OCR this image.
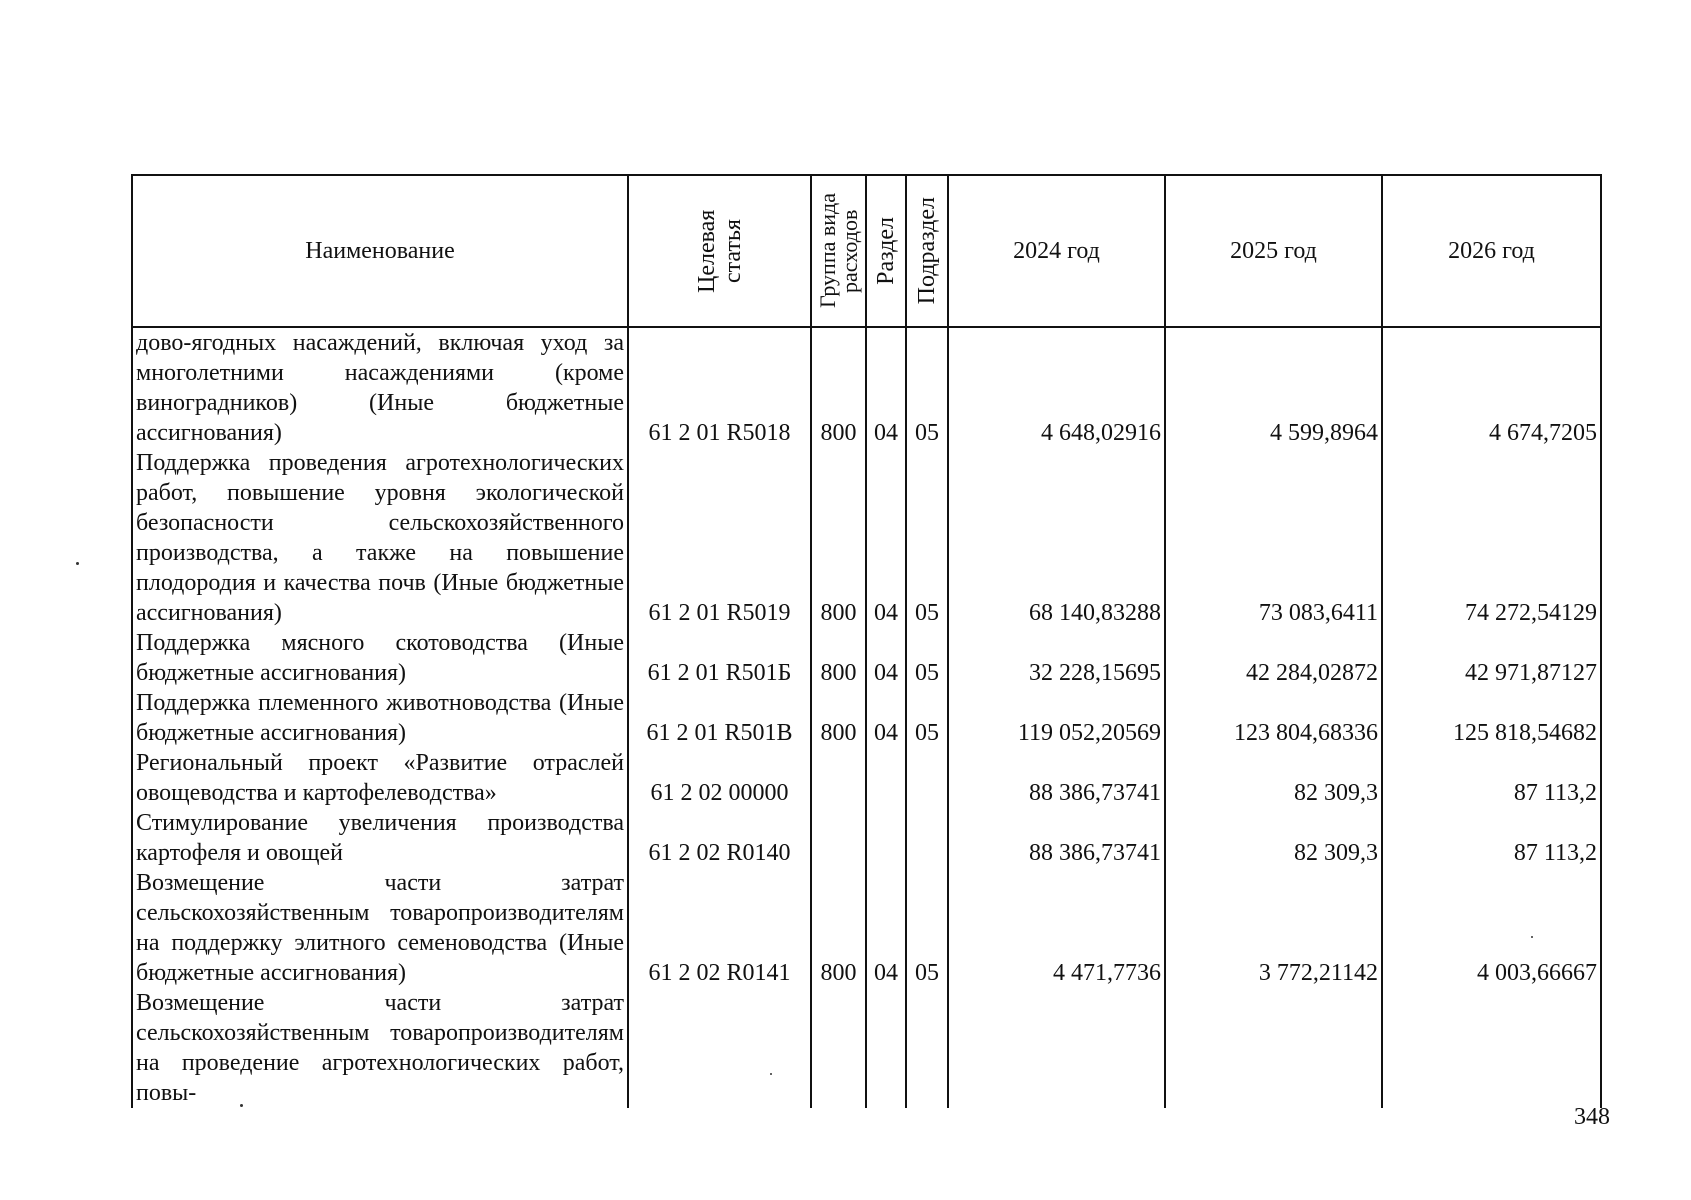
Наименование	Целевая статья	Группа вида расходов	Раздел	Подраздел	2024 год	2025 год	2026 год
дово-ягодных насаждений, включая уход за многолетними насаждениями (кроме виноградников) (Иные бюджетные ассигнования)	61 2 01 R5018	800	04	05	4 648,02916	4 599,8964	4 674,7205
Поддержка проведения агротехнологических работ, повышение уровня экологической безопасности сельскохозяйственного производства, а также на повышение плодородия и качества почв (Иные бюджетные ассигнования)	61 2 01 R5019	800	04	05	68 140,83288	73 083,6411	74 272,54129
Поддержка мясного скотоводства (Иные бюджетные ассигнования)	61 2 01 R501Б	800	04	05	32 228,15695	42 284,02872	42 971,87127
Поддержка племенного животноводства (Иные бюджетные ассигнования)	61 2 01 R501В	800	04	05	119 052,20569	123 804,68336	125 818,54682
Региональный проект «Развитие отраслей овощеводства и картофелеводства»	61 2 02 00000				88 386,73741	82 309,3	87 113,2
Стимулирование увеличения производства картофеля и овощей	61 2 02 R0140				88 386,73741	82 309,3	87 113,2
Возмещение части затрат сельскохозяйственным товаропроизводителям на поддержку элитного семеноводства (Иные бюджетные ассигнования)	61 2 02 R0141	800	04	05	4 471,7736	3 772,21142	4 003,66667
Возмещение части затрат сельскохозяйственным товаропроизводителям на проведение агротехнологических работ, повы-							
348
